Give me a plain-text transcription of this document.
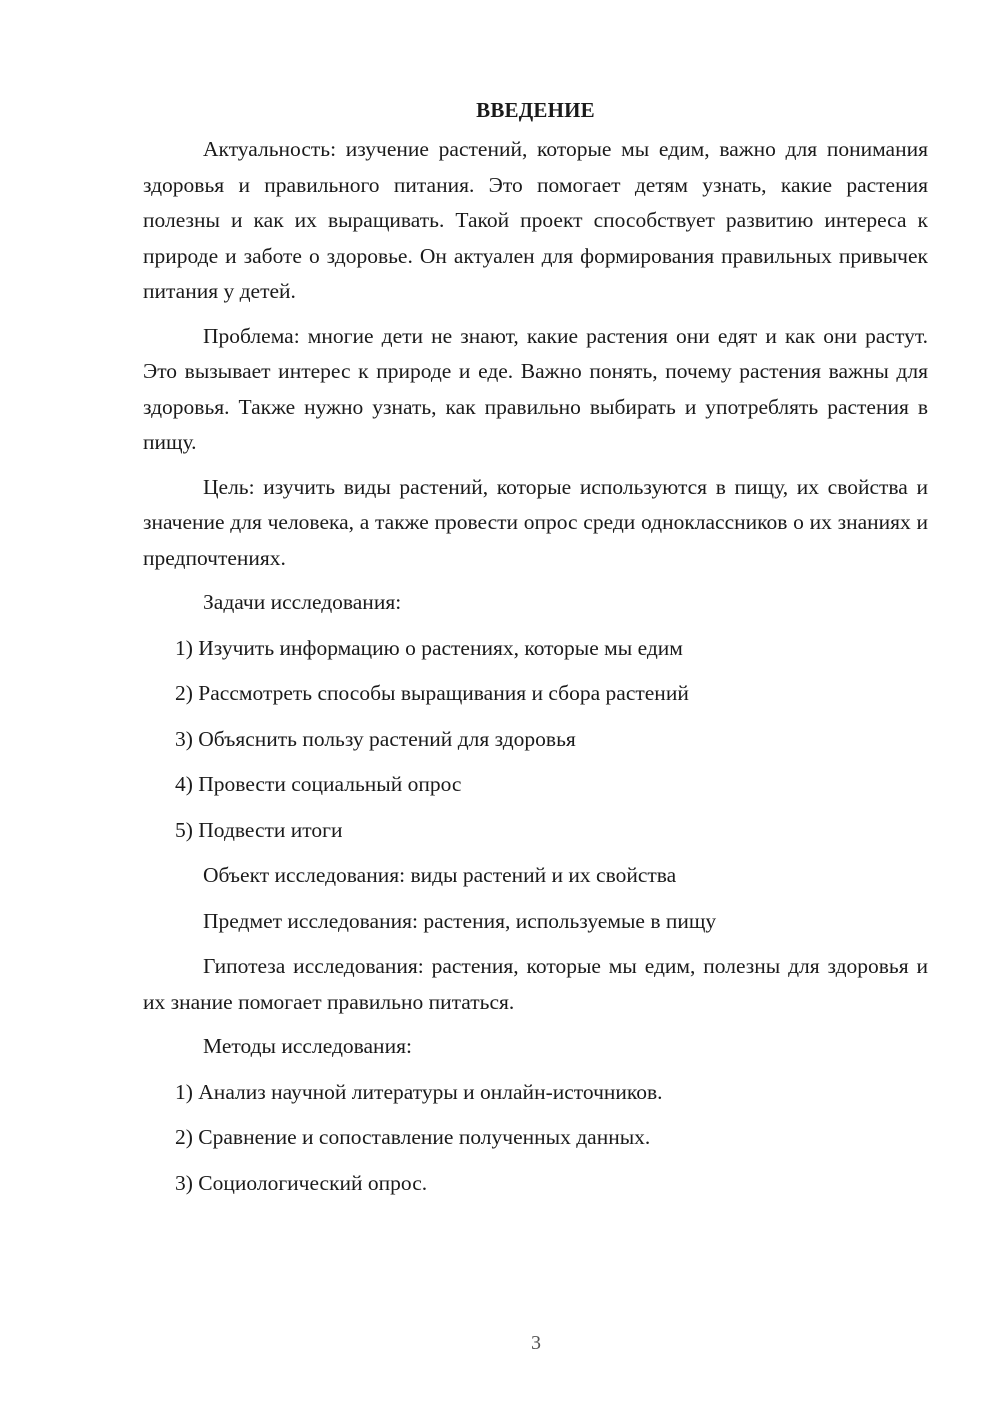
ВВЕДЕНИЕ

Актуальность: изучение растений, которые мы едим, важно для понимания здоровья и правильного питания. Это помогает детям узнать, какие растения полезны и как их выращивать. Такой проект способствует развитию интереса к природе и заботе о здоровье. Он актуален для формирования правильных привычек питания у детей.

Проблема: многие дети не знают, какие растения они едят и как они растут. Это вызывает интерес к природе и еде. Важно понять, почему растения важны для здоровья. Также нужно узнать, как правильно выбирать и употреблять растения в пищу.

Цель: изучить виды растений, которые используются в пищу, их свойства и значение для человека, а также провести опрос среди одноклассников о их знаниях и предпочтениях.

Задачи исследования:
1) Изучить информацию о растениях, которые мы едим
2) Рассмотреть способы выращивания и сбора растений
3) Объяснить пользу растений для здоровья
4) Провести социальный опрос
5) Подвести итоги
Объект исследования: виды растений и их свойства
Предмет исследования: растения, используемые в пищу

Гипотеза исследования: растения, которые мы едим, полезны для здоровья и их знание помогает правильно питаться.

Методы исследования:
1) Анализ научной литературы и онлайн-источников.
2) Сравнение и сопоставление полученных данных.
3) Социологический опрос.
3
